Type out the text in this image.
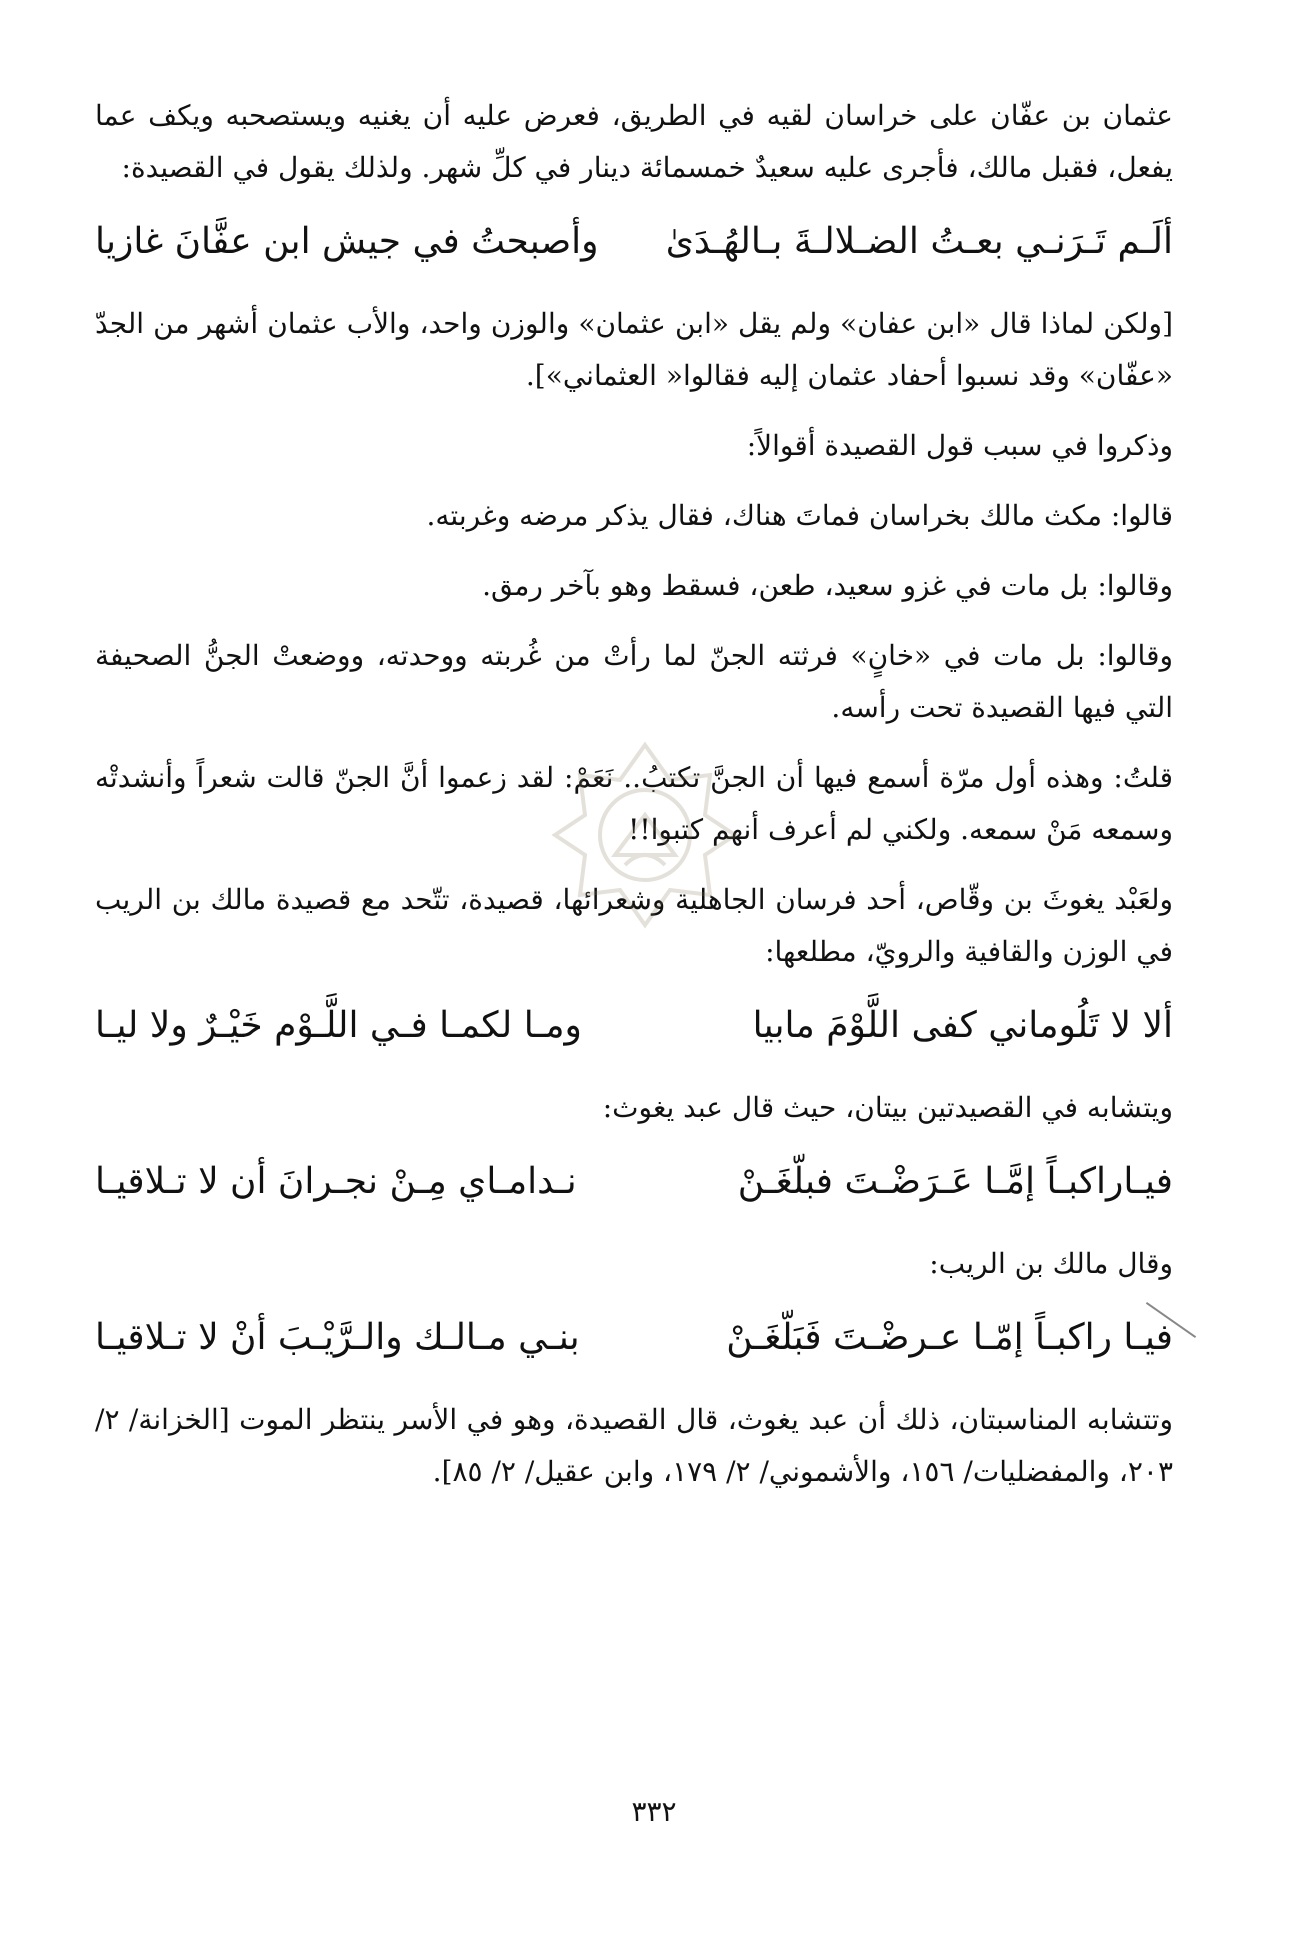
عثمان بن عفّان على خراسان لقيه في الطريق، فعرض عليه أن يغنيه ويستصحبه ويكف عما يفعل، فقبل مالك، فأجرى عليه سعيدٌ خمسمائة دينار في كلِّ شهر. ولذلك يقول في القصيدة:

ألَـم تَـرَنـي بعـتُ الضـلالـةَ بـالهُـدَىٰ
وأصبحتُ في جيش ابن عفَّانَ غازيا

[ولكن لماذا قال «ابن عفان» ولم يقل «ابن عثمان» والوزن واحد، والأب عثمان أشهر من الجدّ «عفّان» وقد نسبوا أحفاد عثمان إليه فقالوا« العثماني»].

وذكروا في سبب قول القصيدة أقوالاً:

قالوا: مكث مالك بخراسان فماتَ هناك، فقال يذكر مرضه وغربته.

وقالوا: بل مات في غزو سعيد، طعن، فسقط وهو بآخر رمق.

وقالوا: بل مات في «خانٍ» فرثته الجنّ لما رأتْ من غُربته ووحدته، ووضعتْ الجنُّ الصحيفة التي فيها القصيدة تحت رأسه.

قلتُ: وهذه أول مرّة أسمع فيها أن الجنَّ تكتبُ.. نَعَمْ: لقد زعموا أنَّ الجنّ قالت شعراً وأنشدتْه وسمعه مَنْ سمعه. ولكني لم أعرف أنهم كتبوا!!

ولعَبْد يغوثَ بن وقّاص، أحد فرسان الجاهلية وشعرائها، قصيدة، تتّحد مع قصيدة مالك بن الريب في الوزن والقافية والرويّ، مطلعها:

ألا لا تَلُوماني كفى اللَّوْمَ مابيا
ومـا لكمـا فـي اللَّـوْم خَيْـرٌ ولا ليـا

ويتشابه في القصيدتين بيتان، حيث قال عبد يغوث:

فيـاراكبـاً إمَّـا عَـرَضْـتَ فبلّغَـنْ
نـدامـاي مِـنْ نجـرانَ أن لا تـلاقيـا

وقال مالك بن الريب:

فيـا راكبـاً إمّـا عـرضْـتَ فَبَلّغَـنْ
بنـي مـالـك والـرَّيْـبَ أنْ لا تـلاقيـا

وتتشابه المناسبتان، ذلك أن عبد يغوث، قال القصيدة، وهو في الأسر ينتظر الموت [الخزانة/ ٢/ ٢٠٣، والمفضليات/ ١٥٦، والأشموني/ ٢/ ١٧٩، وابن عقيل/ ٢/ ٨٥].

٣٣٢
